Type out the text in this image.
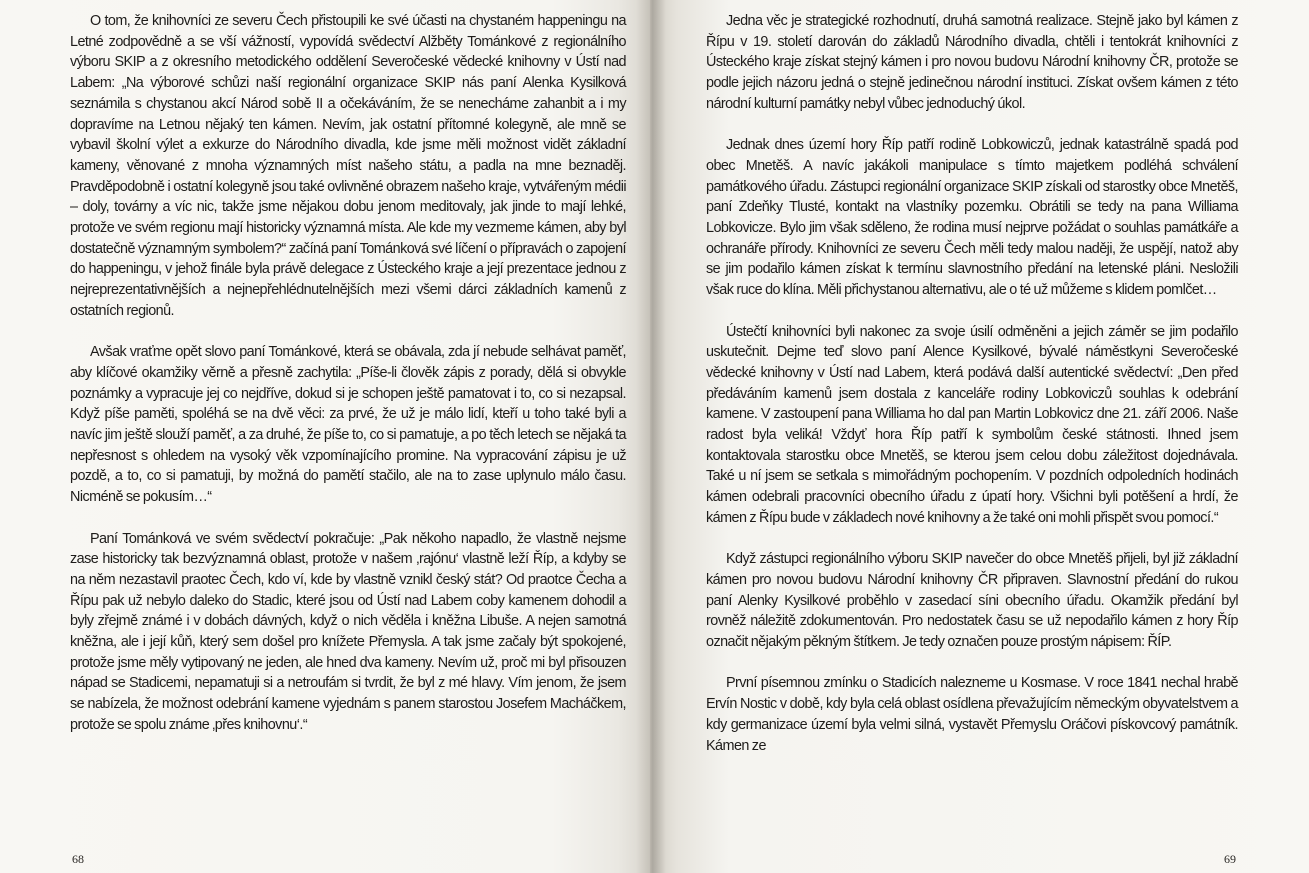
O tom, že knihovníci ze severu Čech přistoupili ke své účasti na chystaném happeningu na Letné zodpovědně a se vší vážností, vypovídá svědectví Alžběty Tománkové z regionálního výboru SKIP a z okresního metodického oddělení Severočeské vědecké knihovny v Ústí nad Labem: „Na výborové schůzi naší regionální organizace SKIP nás paní Alenka Kysilková seznámila s chystanou akcí Národ sobě II a očekáváním, že se nenecháme zahanbit a i my dopravíme na Letnou nějaký ten kámen. Nevím, jak ostatní přítomné kolegyně, ale mně se vybavil školní výlet a exkurze do Národního divadla, kde jsme měli možnost vidět základní kameny, věnované z mnoha významných míst našeho státu, a padla na mne beznaděj. Pravděpodobně i ostatní kolegyně jsou také ovlivněné obrazem našeho kraje, vytvářeným médii – doly, továrny a víc nic, takže jsme nějakou dobu jenom meditovaly, jak jinde to mají lehké, protože ve svém regionu mají historicky významná místa. Ale kde my vezmeme kámen, aby byl dostatečně významným symbolem?“ začíná paní Tománková své líčení o přípravách o zapojení do happeningu, v jehož finále byla právě delegace z Ústeckého kraje a její prezentace jednou z nejreprezentativnějších a nejnepřehlédnutelnějších mezi všemi dárci základních kamenů z ostatních regionů.

Avšak vraťme opět slovo paní Tománkové, která se obávala, zda jí nebude selhávat paměť, aby klíčové okamžiky věrně a přesně zachytila: „Píše-li člověk zápis z porady, dělá si obvykle poznámky a vypracuje jej co nejdříve, dokud si je schopen ještě pamatovat i to, co si nezapsal. Když píše paměti, spoléhá se na dvě věci: za prvé, že už je málo lidí, kteří u toho také byli a navíc jim ještě slouží paměť, a za druhé, že píše to, co si pamatuje, a po těch letech se nějaká ta nepřesnost s ohledem na vysoký věk vzpomínajícího promine. Na vypracování zápisu je už pozdě, a to, co si pamatuji, by možná do pamětí stačilo, ale na to zase uplynulo málo času. Nicméně se pokusím…“

Paní Tománková ve svém svědectví pokračuje: „Pak někoho napadlo, že vlastně nejsme zase historicky tak bezvýznamná oblast, protože v našem ‚rajónu‘ vlastně leží Říp, a kdyby se na něm nezastavil praotec Čech, kdo ví, kde by vlastně vznikl český stát? Od praotce Čecha a Řípu pak už nebylo daleko do Stadic, které jsou od Ústí nad Labem coby kamenem dohodil a byly zřejmě známé i v dobách dávných, když o nich věděla i kněžna Libuše. A nejen samotná kněžna, ale i její kůň, který sem došel pro knížete Přemysla. A tak jsme začaly být spokojené, protože jsme měly vytipovaný ne jeden, ale hned dva kameny. Nevím už, proč mi byl přisouzen nápad se Stadicemi, nepamatuji si a netroufám si tvrdit, že byl z mé hlavy. Vím jenom, že jsem se nabízela, že možnost odebrání kamene vyjednám s panem starostou Josefem Macháčkem, protože se spolu známe ‚přes knihovnu‘.“

68

Jedna věc je strategické rozhodnutí, druhá samotná realizace. Stejně jako byl kámen z Řípu v 19. století darován do základů Národního divadla, chtěli i tentokrát knihovníci z Ústeckého kraje získat stejný kámen i pro novou budovu Národní knihovny ČR, protože se podle jejich názoru jedná o stejně jedinečnou národní instituci. Získat ovšem kámen z této národní kulturní památky nebyl vůbec jednoduchý úkol.

Jednak dnes území hory Říp patří rodině Lobkowiczů, jednak katastrálně spadá pod obec Mnetěš. A navíc jakákoli manipulace s tímto majetkem podléhá schválení památkového úřadu. Zástupci regionální organizace SKIP získali od starostky obce Mnetěš, paní Zdeňky Tlusté, kontakt na vlastníky pozemku. Obrátili se tedy na pana Williama Lobkovicze. Bylo jim však sděleno, že rodina musí nejprve požádat o souhlas památkáře a ochranáře přírody. Knihovníci ze severu Čech měli tedy malou naději, že uspějí, natož aby se jim podařilo kámen získat k termínu slavnostního předání na letenské pláni. Nesložili však ruce do klína. Měli přichystanou alternativu, ale o té už můžeme s klidem pomlčet…

Ústečtí knihovníci byli nakonec za svoje úsilí odměněni a jejich záměr se jim podařilo uskutečnit. Dejme teď slovo paní Alence Kysilkové, bývalé náměstkyni Severočeské vědecké knihovny v Ústí nad Labem, která podává další autentické svědectví: „Den před předáváním kamenů jsem dostala z kanceláře rodiny Lobkoviczů souhlas k odebrání kamene. V zastoupení pana Williama ho dal pan Martin Lobkovicz dne 21. září 2006. Naše radost byla veliká! Vždyť hora Říp patří k symbolům české státnosti. Ihned jsem kontaktovala starostku obce Mnetěš, se kterou jsem celou dobu záležitost dojednávala. Také u ní jsem se setkala s mimořádným pochopením. V pozdních odpoledních hodinách kámen odebrali pracovníci obecního úřadu z úpatí hory. Všichni byli potěšení a hrdí, že kámen z Řípu bude v základech nové knihovny a že také oni mohli přispět svou pomocí.“

Když zástupci regionálního výboru SKIP navečer do obce Mnetěš přijeli, byl již základní kámen pro novou budovu Národní knihovny ČR připraven. Slavnostní předání do rukou paní Alenky Kysilkové proběhlo v zasedací síni obecního úřadu. Okamžik předání byl rovněž náležitě zdokumentován. Pro nedostatek času se už nepodařilo kámen z hory Říp označit nějakým pěkným štítkem. Je tedy označen pouze prostým nápisem: ŘÍP.

První písemnou zmínku o Stadicích nalezneme u Kosmase. V roce 1841 nechal hrabě Ervín Nostic v době, kdy byla celá oblast osídlena převažujícím německým obyvatelstvem a kdy germanizace území byla velmi silná, vystavět Přemyslu Oráčovi pískovcový památník. Kámen ze

69
